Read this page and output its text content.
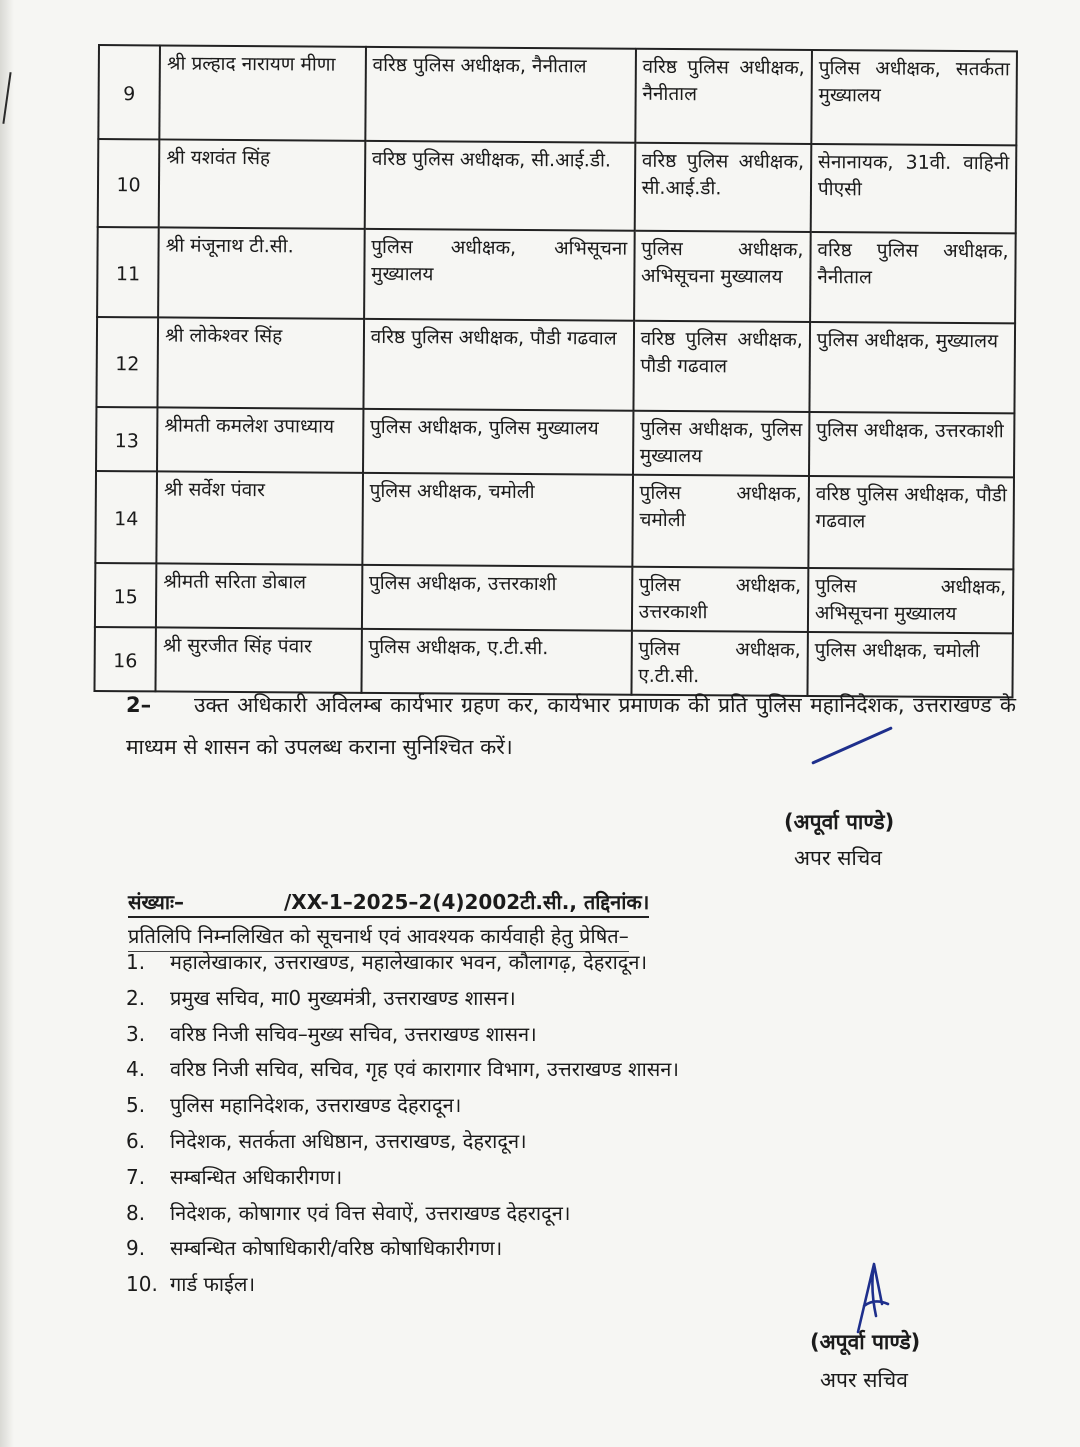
9	श्री प्रल्हाद नारायण मीणा	वरिष्ठ पुलिस अधीक्षक, नैनीताल	वरिष्ठ पुलिस अधीक्षक, नैनीताल	पुलिस अधीक्षक, सतर्कता मुख्यालय
10	श्री यशवंत सिंह	वरिष्ठ पुलिस अधीक्षक, सी.आई.डी.	वरिष्ठ पुलिस अधीक्षक, सी.आई.डी.	सेनानायक, 31वी. वाहिनी पीएसी
11	श्री मंजूनाथ टी.सी.	पुलिस अधीक्षक, अभिसूचना मुख्यालय	पुलिस अधीक्षक, अभिसूचना मुख्यालय	वरिष्ठ पुलिस अधीक्षक, नैनीताल
12	श्री लोकेश्वर सिंह	वरिष्ठ पुलिस अधीक्षक, पौडी गढवाल	वरिष्ठ पुलिस अधीक्षक, पौडी गढवाल	पुलिस अधीक्षक, मुख्यालय
13	श्रीमती कमलेश उपाध्याय	पुलिस अधीक्षक, पुलिस मुख्यालय	पुलिस अधीक्षक, पुलिस मुख्यालय	पुलिस अधीक्षक, उत्तरकाशी
14	श्री सर्वेश पंवार	पुलिस अधीक्षक, चमोली	पुलिस अधीक्षक, चमोली	वरिष्ठ पुलिस अधीक्षक, पौडी गढवाल
15	श्रीमती सरिता डोबाल	पुलिस अधीक्षक, उत्तरकाशी	पुलिस अधीक्षक, उत्तरकाशी	पुलिस अधीक्षक, अभिसूचना मुख्यालय
16	श्री सुरजीत सिंह पंवार	पुलिस अधीक्षक, ए.टी.सी.	पुलिस अधीक्षक, ए.टी.सी.	पुलिस अधीक्षक, चमोली
2– उक्त अधिकारी अविलम्ब कार्यभार ग्रहण कर, कार्यभार प्रमाणक की प्रति पुलिस महानिदेशक, उत्तराखण्ड के माध्यम से शासन को उपलब्ध कराना सुनिश्चित करें।
(अपूर्वा पाण्डे)
अपर सचिव
संख्याः–	/XX-1–2025–2(4)2002टी.सी., तद्दिनांक।
प्रतिलिपि निम्नलिखित को सूचनार्थ एवं आवश्यक कार्यवाही हेतु प्रेषित–
1.	महालेखाकार, उत्तराखण्ड, महालेखाकार भवन, कौलागढ़, देहरादून।
2.	प्रमुख सचिव, मा0 मुख्यमंत्री, उत्तराखण्ड शासन।
3.	वरिष्ठ निजी सचिव–मुख्य सचिव, उत्तराखण्ड शासन।
4.	वरिष्ठ निजी सचिव, सचिव, गृह एवं कारागार विभाग, उत्तराखण्ड शासन।
5.	पुलिस महानिदेशक, उत्तराखण्ड देहरादून।
6.	निदेशक, सतर्कता अधिष्ठान, उत्तराखण्ड, देहरादून।
7.	सम्बन्धित अधिकारीगण।
8.	निदेशक, कोषागार एवं वित्त सेवाऐं, उत्तराखण्ड देहरादून।
9.	सम्बन्धित कोषाधिकारी/वरिष्ठ कोषाधिकारीगण।
10. गार्ड फाईल।
(अपूर्वा पाण्डे)
अपर सचिव
